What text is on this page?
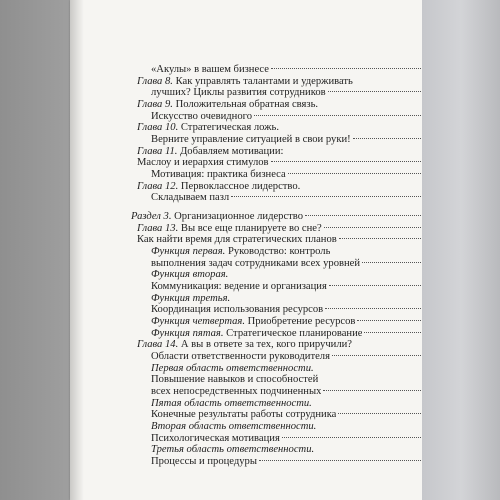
«Акулы» в вашем бизнесе
Глава 8. Как управлять талантами и удерживать
лучших? Циклы развития сотрудников
Глава 9. Положительная обратная связь.
Искусство очевидного
Глава 10. Стратегическая ложь.
Верните управление ситуацией в свои руки!
Глава 11. Добавляем мотивации:
Маслоу и иерархия стимулов
Мотивация: практика бизнеса
Глава 12. Первоклассное лидерство.
Складываем пазл
Раздел 3. Организационное лидерство
Глава 13. Вы все еще планируете во сне?
Как найти время для стратегических планов
Функция первая. Руководство: контроль
выполнения задач сотрудниками всех уровней
Функция вторая.
Коммуникация: ведение и организация
Функция третья.
Координация использования ресурсов
Функция четвертая. Приобретение ресурсов
Функция пятая. Стратегическое планирование
Глава 14. А вы в ответе за тех, кого приручили?
Области ответственности руководителя
Первая область ответственности.
Повышение навыков и способностей
всех непосредственных подчиненных
Пятая область ответственности.
Конечные результаты работы сотрудника
Вторая область ответственности.
Психологическая мотивация
Третья область ответственности.
Процессы и процедуры
